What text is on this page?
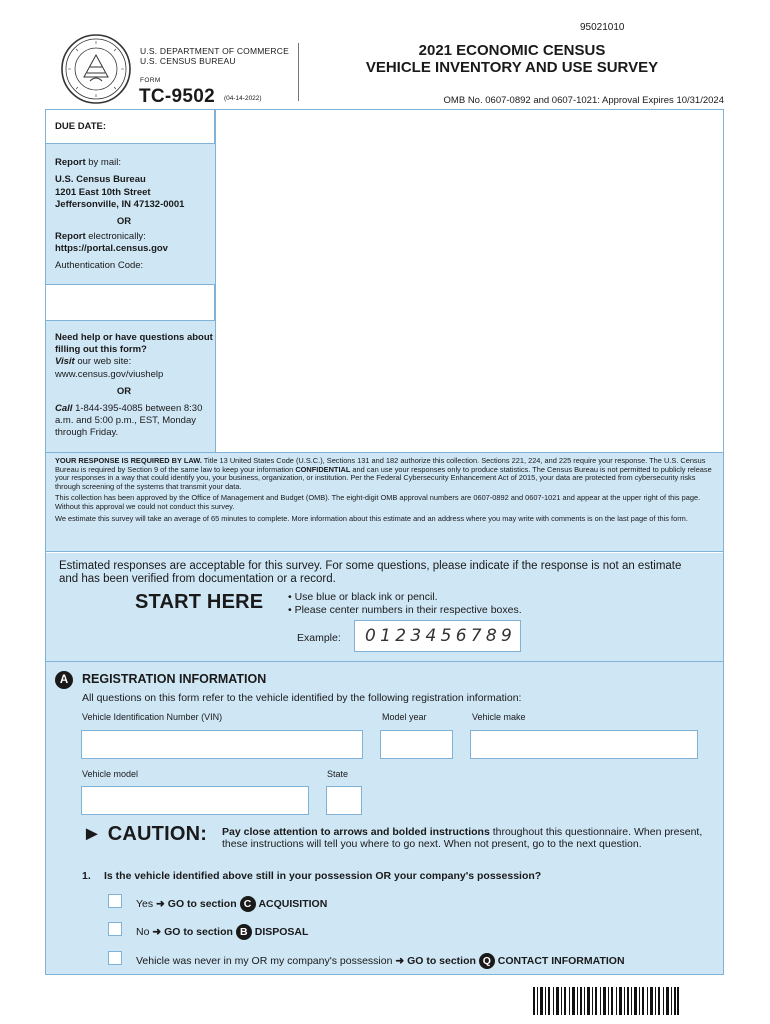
95021010
U.S. DEPARTMENT OF COMMERCE
U.S. CENSUS BUREAU
FORM
TC-9502 (04-14-2022)
2021 ECONOMIC CENSUS
VEHICLE INVENTORY AND USE SURVEY
OMB No. 0607-0892 and 0607-1021: Approval Expires 10/31/2024
DUE DATE:
Report by mail:
U.S. Census Bureau
1201 East 10th Street
Jeffersonville, IN 47132-0001
OR
Report electronically:
https://portal.census.gov
Authentication Code:
Need help or have questions about filling out this form?
Visit our web site:
www.census.gov/viushelp
OR
Call 1-844-395-4085 between 8:30 a.m. and 5:00 p.m., EST, Monday through Friday.

YOUR RESPONSE IS REQUIRED BY LAW. Title 13 United States Code (U.S.C.), Sections 131 and 182 authorize this collection. Sections 221, 224, and 225 require your response. The U.S. Census Bureau is required by Section 9 of the same law to keep your information CONFIDENTIAL and can use your responses only to produce statistics. The Census Bureau is not permitted to publicly release your responses in a way that could identify you, your business, organization, or institution. Per the Federal Cybersecurity Enhancement Act of 2015, your data are protected from cybersecurity risks through screening of the systems that transmit your data.

This collection has been approved by the Office of Management and Budget (OMB). The eight-digit OMB approval numbers are 0607-0892 and 0607-1021 and appear at the upper right of this page. Without this approval we could not conduct this survey.

We estimate this survey will take an average of 65 minutes to complete. More information about this estimate and an address where you may write with comments is on the last page of this form.

Estimated responses are acceptable for this survey. For some questions, please indicate if the response is not an estimate and has been verified from documentation or a record.
START HERE • Use blue or black ink or pencil.
• Please center numbers in their respective boxes.
Example:	0123456789
A	REGISTRATION INFORMATION
All questions on this form refer to the vehicle identified by the following registration information:
Vehicle Identification Number (VIN)	Model year	Vehicle make
Vehicle model	State
► CAUTION: Pay close attention to arrows and bolded instructions throughout this questionnaire. When present, these instructions will tell you where to go next. When not present, go to the next question.
1. Is the vehicle identified above still in your possession OR your company's possession?
Yes ➜ GO to section C ACQUISITION
No ➜ GO to section B DISPOSAL
Vehicle was never in my OR my company's possession ➜ GO to section Q CONTACT INFORMATION
